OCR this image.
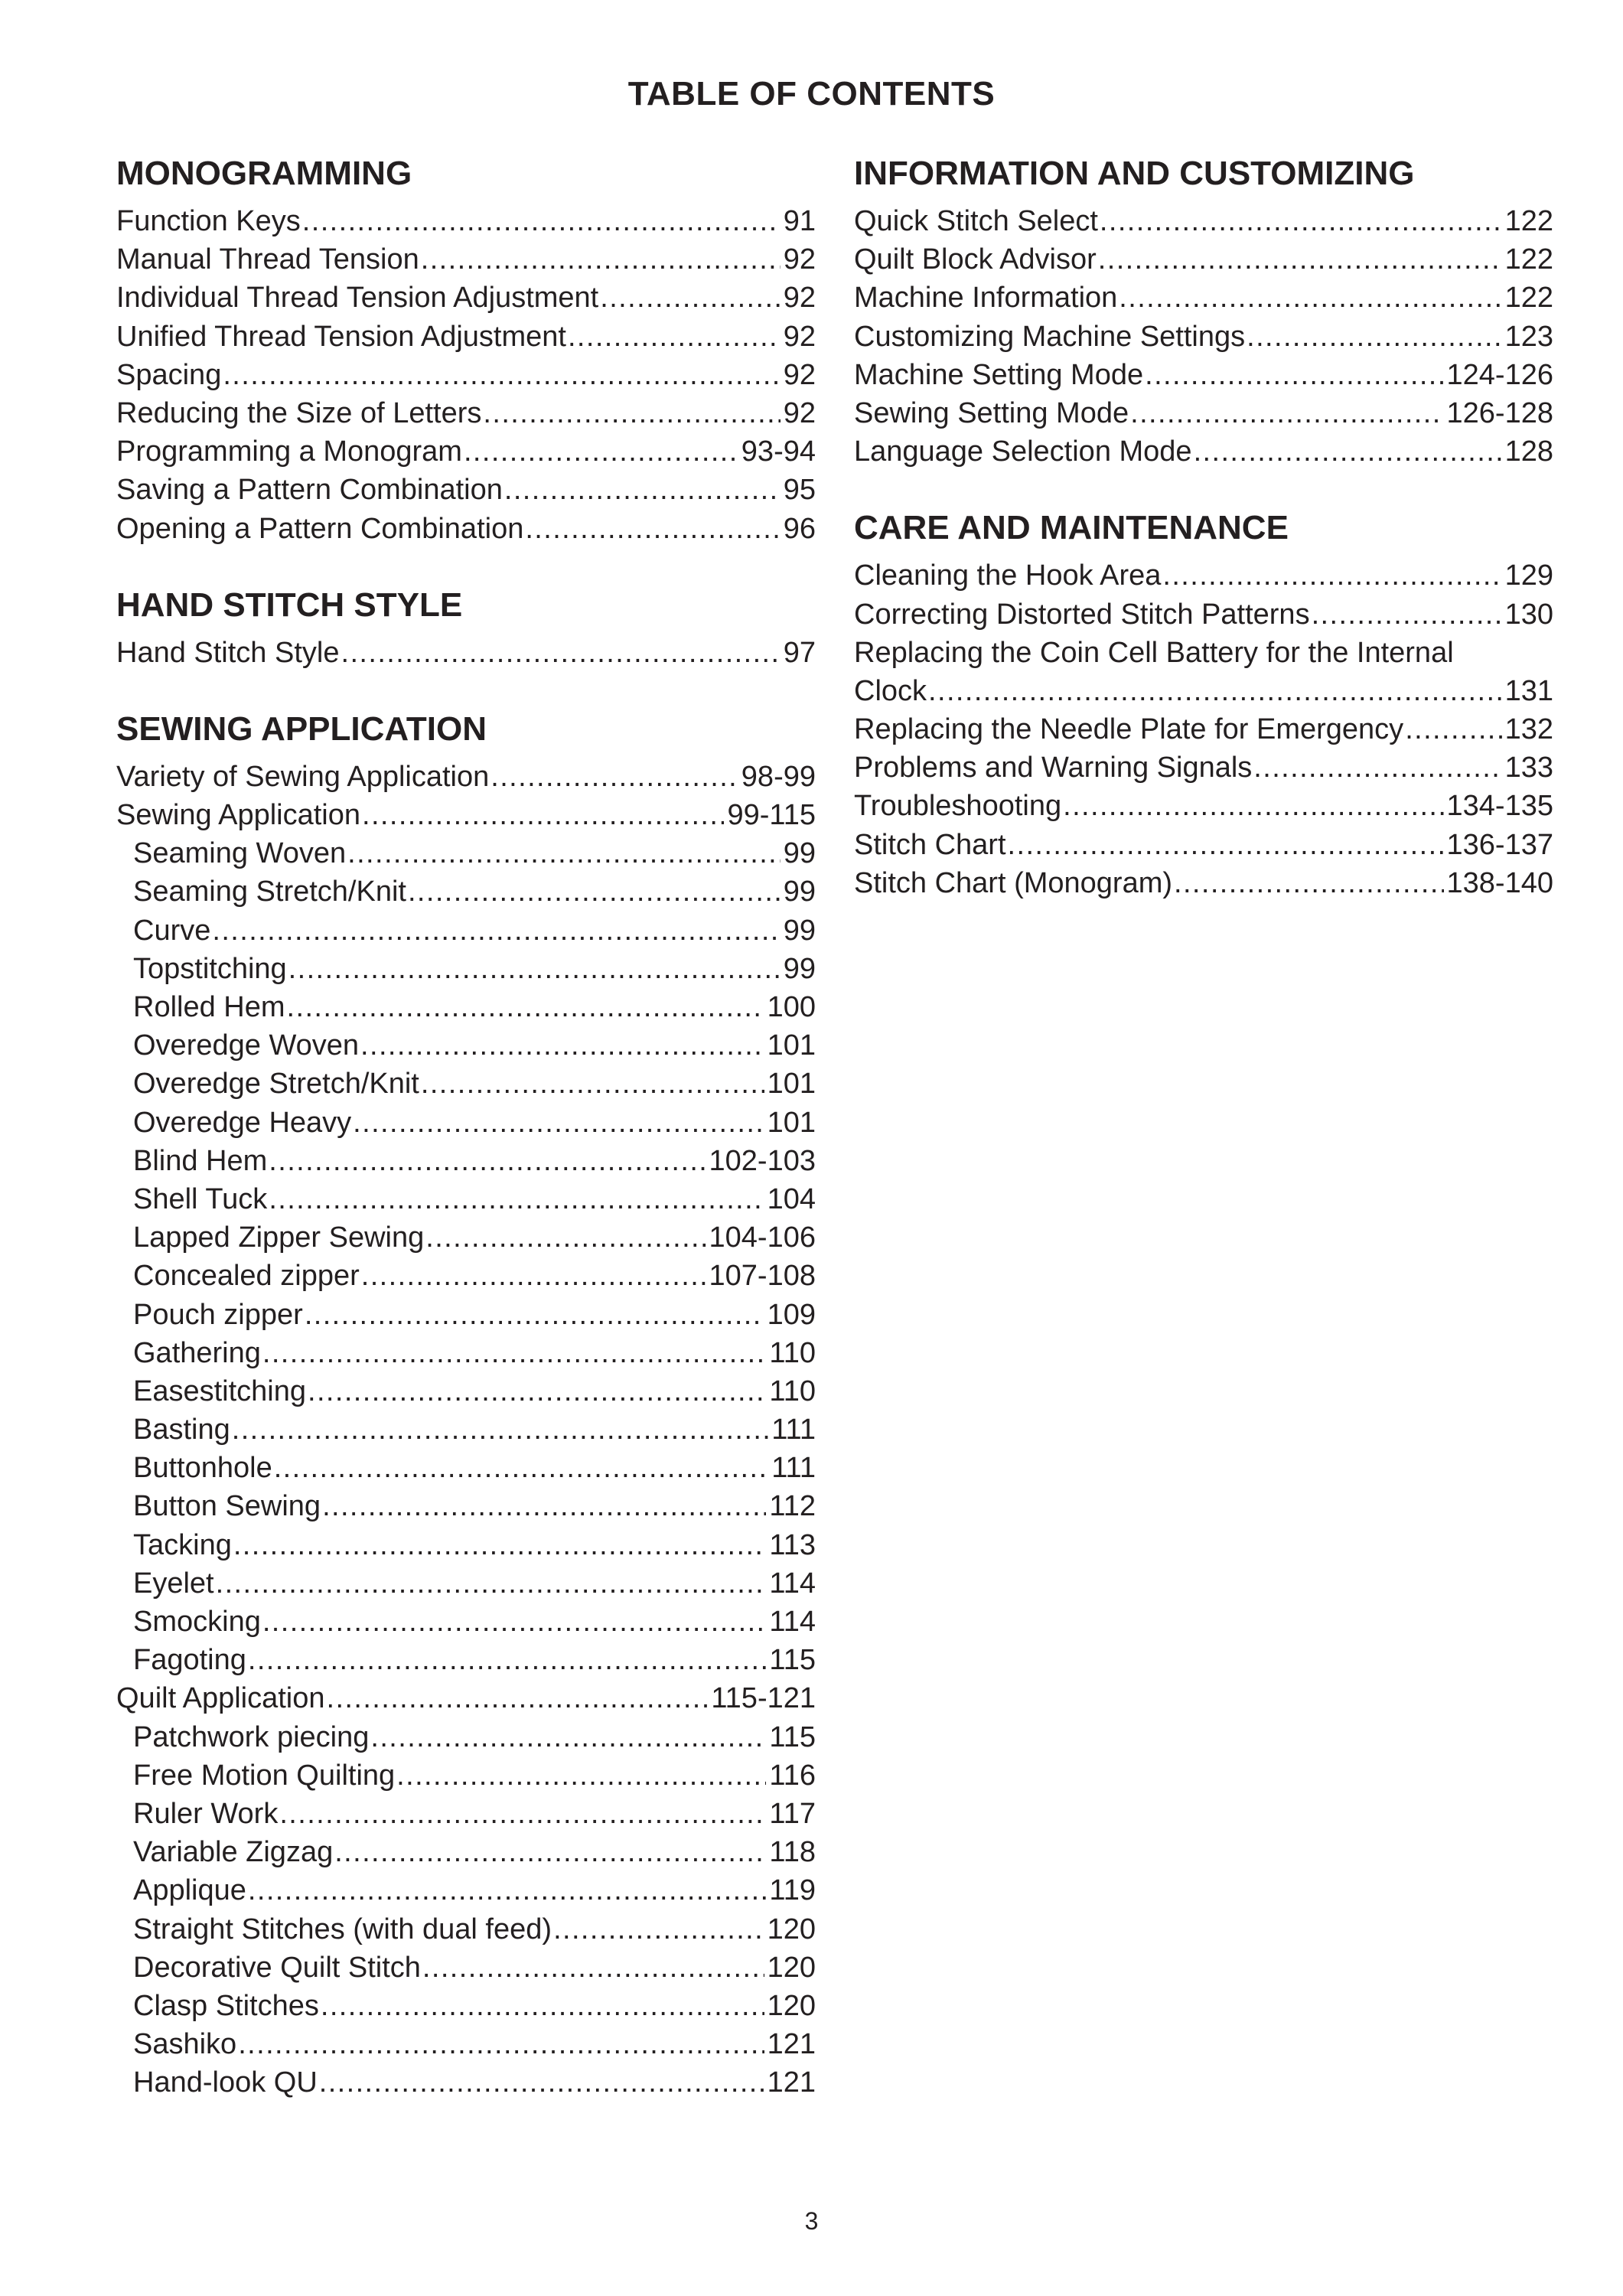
TABLE OF CONTENTS
MONOGRAMMING
Function Keys .....	91
Manual Thread Tension .....	92
Individual Thread Tension Adjustment .....	92
Unified Thread Tension Adjustment .....	92
Spacing .....	92
Reducing the Size of Letters .....	92
Programming a Monogram .....	93-94
Saving a Pattern Combination .....	95
Opening a Pattern Combination .....	96
HAND STITCH STYLE
Hand Stitch Style .....	97
SEWING APPLICATION
Variety of Sewing Application .....	98-99
Sewing Application .....	99-115
Seaming Woven .....	99
Seaming Stretch/Knit .....	99
Curve .....	99
Topstitching .....	99
Rolled Hem .....	100
Overedge Woven .....	101
Overedge Stretch/Knit .....	101
Overedge Heavy .....	101
Blind Hem .....	102-103
Shell Tuck .....	104
Lapped Zipper Sewing .....	104-106
Concealed zipper .....	107-108
Pouch zipper .....	109
Gathering .....	110
Easestitching .....	110
Basting .....	111
Buttonhole .....	111
Button Sewing .....	112
Tacking .....	113
Eyelet .....	114
Smocking .....	114
Fagoting .....	115
Quilt Application .....	115-121
Patchwork piecing .....	115
Free Motion Quilting .....	116
Ruler Work .....	117
Variable Zigzag .....	118
Applique .....	119
Straight Stitches (with dual feed) .....	120
Decorative Quilt Stitch .....	120
Clasp Stitches .....	120
Sashiko .....	121
Hand-look QU .....	121
INFORMATION AND CUSTOMIZING
Quick Stitch Select .....	122
Quilt Block Advisor .....	122
Machine Information .....	122
Customizing Machine Settings .....	123
Machine Setting Mode .....	124-126
Sewing Setting Mode .....	126-128
Language Selection Mode .....	128
CARE AND MAINTENANCE
Cleaning the Hook Area .....	129
Correcting Distorted Stitch Patterns .....	130
Replacing the Coin Cell Battery for the Internal
Clock .....	131
Replacing the Needle Plate for Emergency .....	132
Problems and Warning Signals .....	133
Troubleshooting .....	134-135
Stitch Chart .....	136-137
Stitch Chart (Monogram) .....	138-140
3
